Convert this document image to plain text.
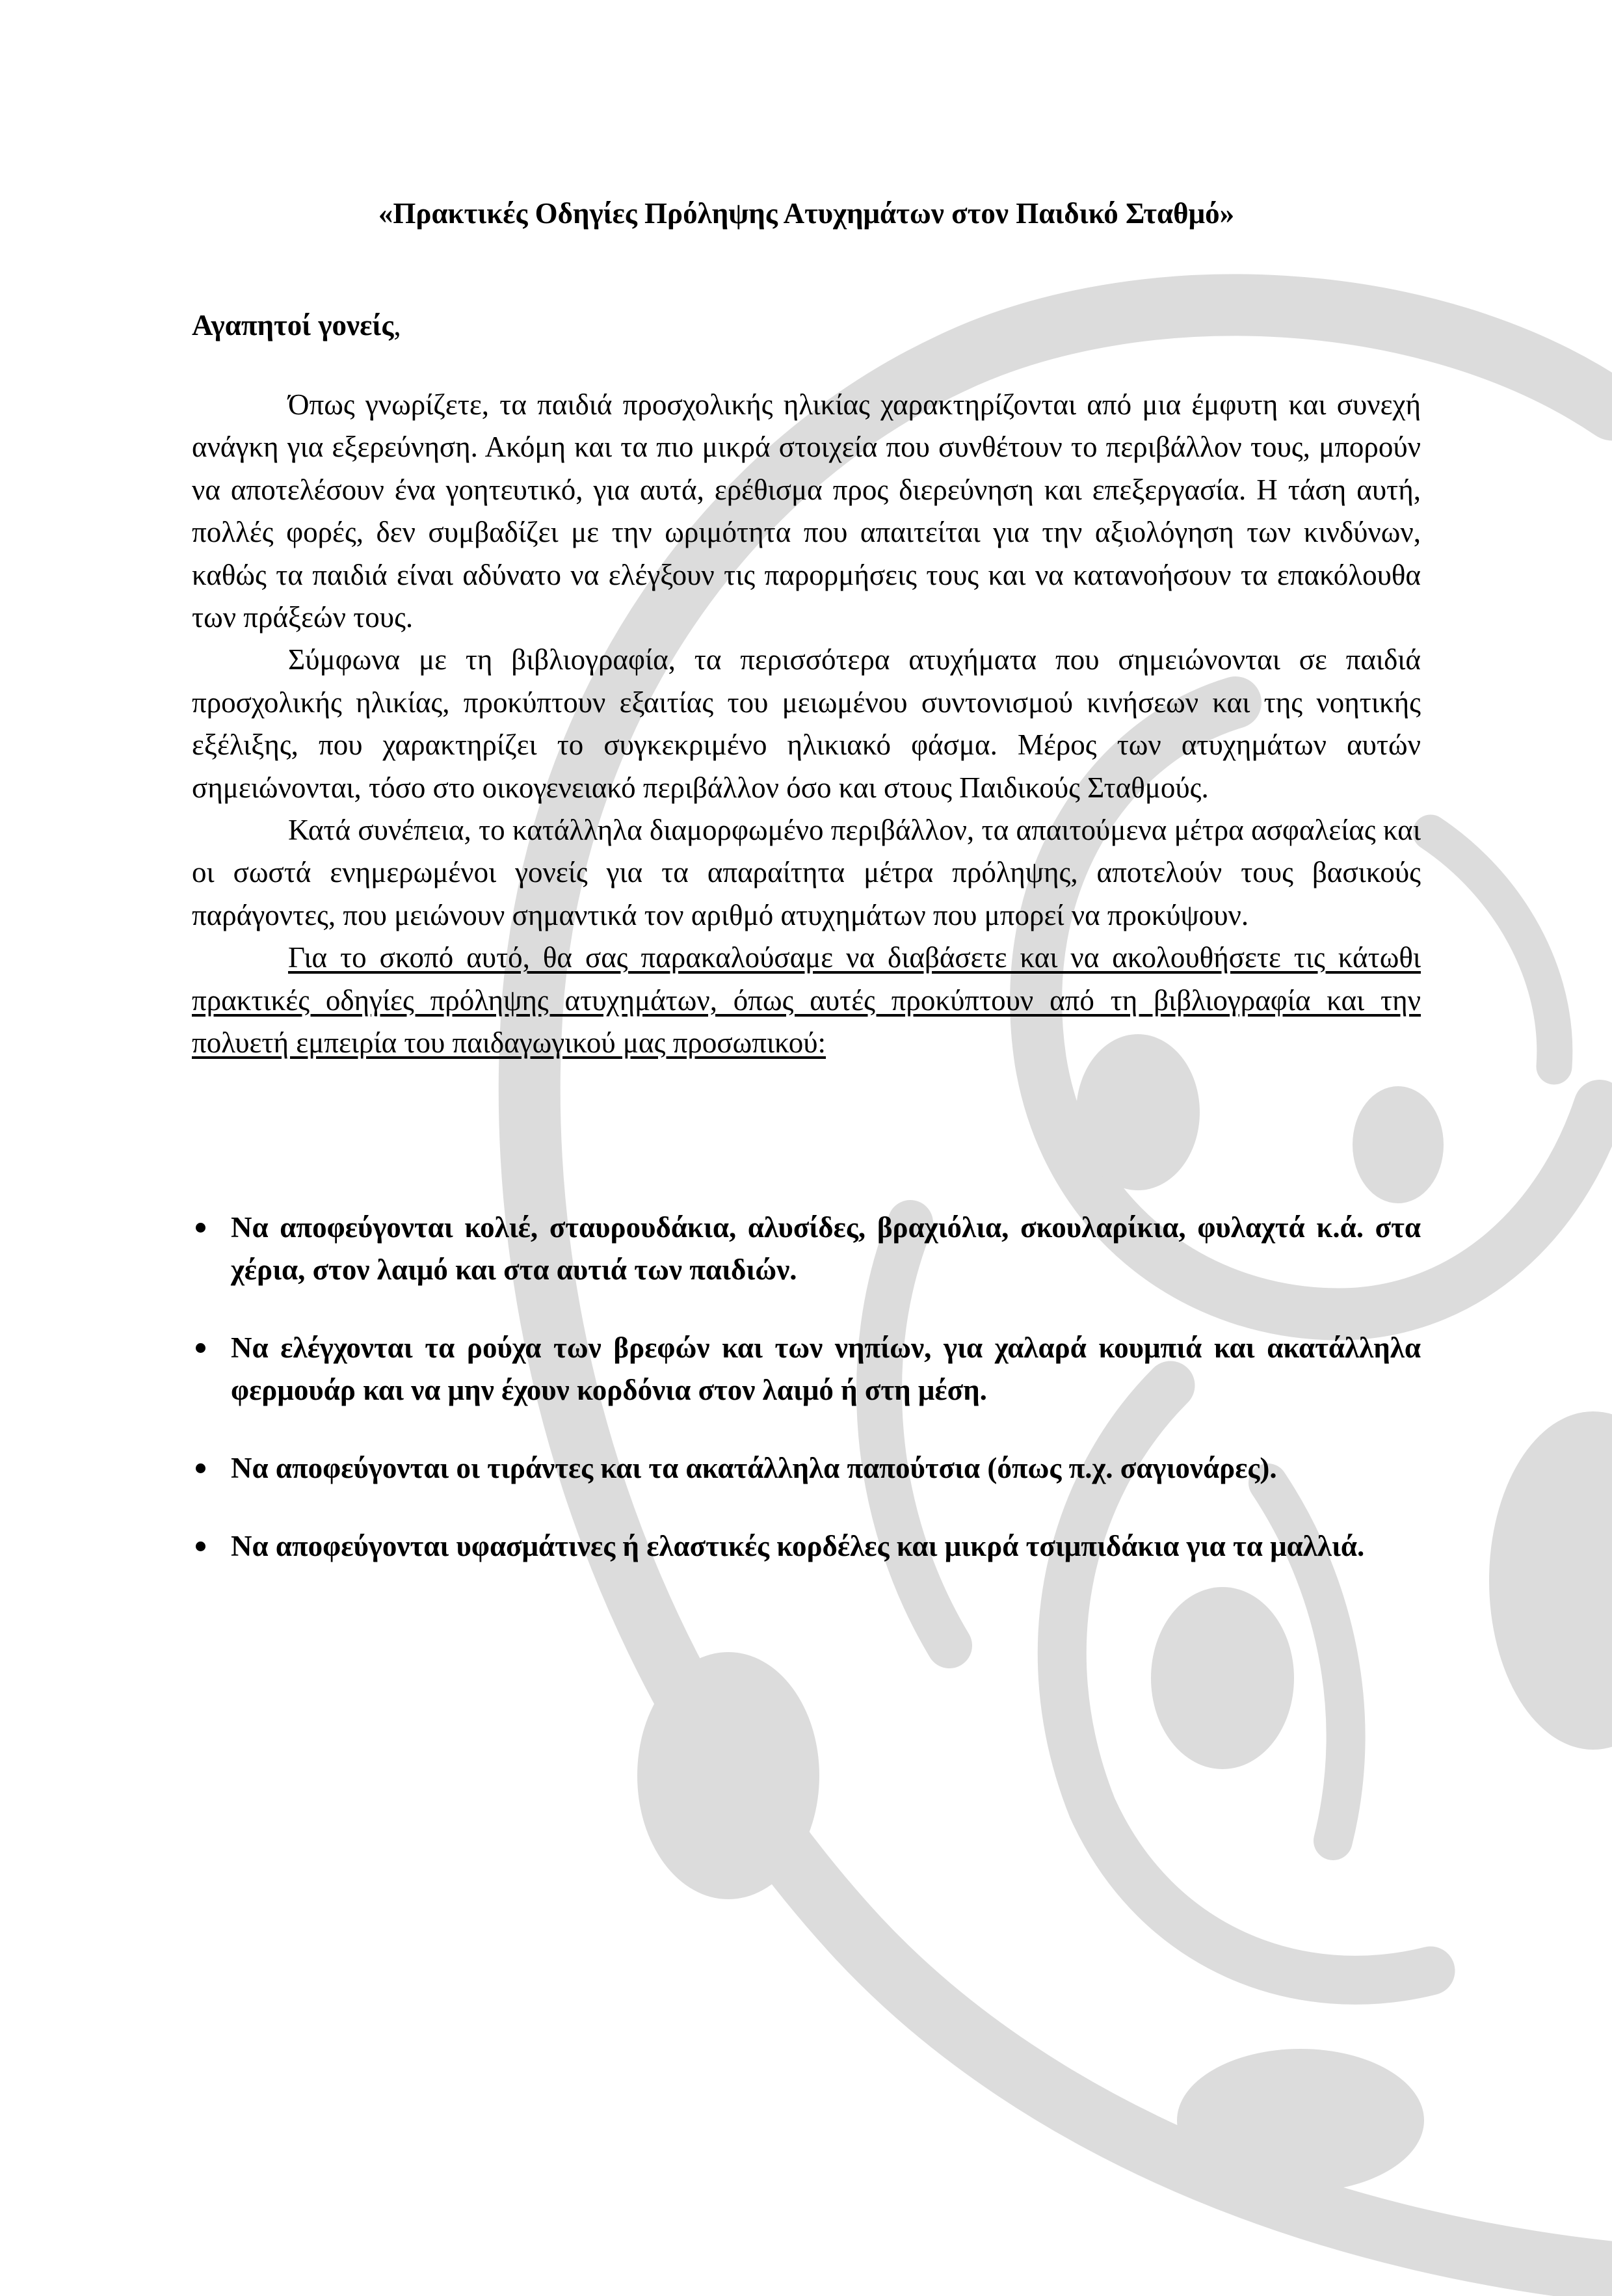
«Πρακτικές Οδηγίες Πρόληψης Ατυχημάτων στον Παιδικό Σταθμό»
Αγαπητοί γονείς,

Όπως γνωρίζετε, τα παιδιά προσχολικής ηλικίας χαρακτηρίζονται από μια έμφυτη και συνεχή ανάγκη για εξερεύνηση. Ακόμη και τα πιο μικρά στοιχεία που συνθέτουν το περιβάλλον τους, μπορούν να αποτελέσουν ένα γοητευτικό, για αυτά, ερέθισμα προς διερεύνηση και επεξεργασία. Η τάση αυτή, πολλές φορές, δεν συμβαδίζει με την ωριμότητα που απαιτείται για την αξιολόγηση των κινδύνων, καθώς τα παιδιά είναι αδύνατο να ελέγξουν τις παρορμήσεις τους και να κατανοήσουν τα επακόλουθα των πράξεών τους.

Σύμφωνα με τη βιβλιογραφία, τα περισσότερα ατυχήματα που σημειώνονται σε παιδιά προσχολικής ηλικίας, προκύπτουν εξαιτίας του μειωμένου συντονισμού κινήσεων και της νοητικής εξέλιξης, που χαρακτηρίζει το συγκεκριμένο ηλικιακό φάσμα. Μέρος των ατυχημάτων αυτών σημειώνονται, τόσο στο οικογενειακό περιβάλλον όσο και στους Παιδικούς Σταθμούς.

Κατά συνέπεια, το κατάλληλα διαμορφωμένο περιβάλλον, τα απαιτούμενα μέτρα ασφαλείας και οι σωστά ενημερωμένοι γονείς για τα απαραίτητα μέτρα πρόληψης, αποτελούν τους βασικούς παράγοντες, που μειώνουν σημαντικά τον αριθμό ατυχημάτων που μπορεί να προκύψουν.

Για το σκοπό αυτό, θα σας παρακαλούσαμε να διαβάσετε και να ακολουθήσετε τις κάτωθι πρακτικές οδηγίες πρόληψης ατυχημάτων, όπως αυτές προκύπτουν από τη βιβλιογραφία και την πολυετή εμπειρία του παιδαγωγικού μας προσωπικού:

Να αποφεύγονται κολιέ, σταυρουδάκια, αλυσίδες, βραχιόλια, σκουλαρίκια, φυλαχτά κ.ά. στα χέρια, στον λαιμό και στα αυτιά των παιδιών.
Να ελέγχονται τα ρούχα των βρεφών και των νηπίων, για χαλαρά κουμπιά και ακατάλληλα φερμουάρ και να μην έχουν κορδόνια στον λαιμό ή στη μέση.
Να αποφεύγονται οι τιράντες και τα ακατάλληλα παπούτσια (όπως π.χ. σαγιονάρες).
Να αποφεύγονται υφασμάτινες ή ελαστικές κορδέλες και μικρά τσιμπιδάκια για τα μαλλιά.
